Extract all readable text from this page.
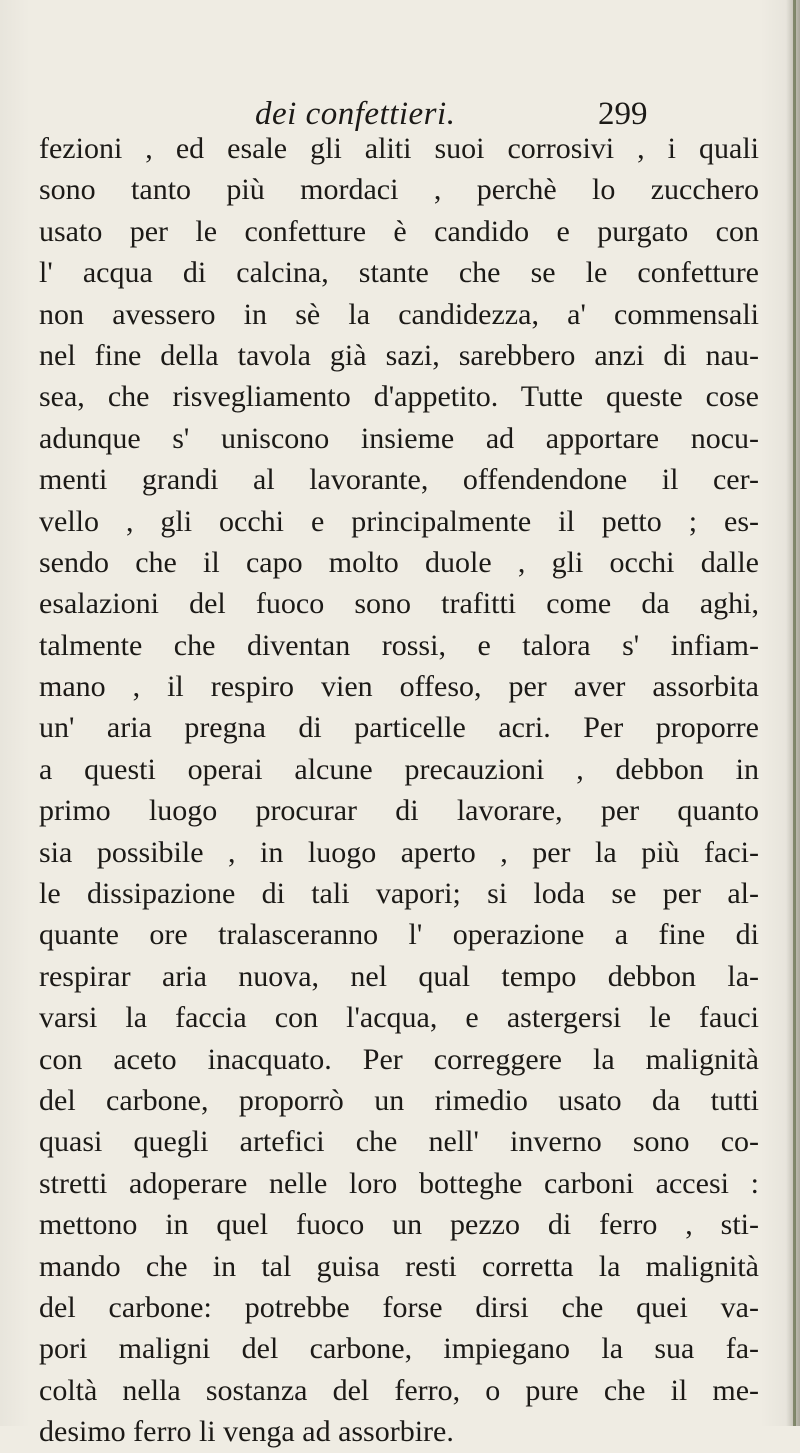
dei confettieri.	299
fezioni , ed esale gli aliti suoi corrosivi , i quali
sono tanto più mordaci , perchè lo zucchero
usato per le confetture è candido e purgato con
l' acqua di calcina, stante che se le confetture
non avessero in sè la candidezza, a' commensali
nel fine della tavola già sazi, sarebbero anzi di nau-
sea, che risvegliamento d'appetito. Tutte queste cose
adunque s' uniscono insieme ad apportare nocu-
menti grandi al lavorante, offendendone il cer-
vello , gli occhi e principalmente il petto ; es-
sendo che il capo molto duole , gli occhi dalle
esalazioni del fuoco sono trafitti come da aghi,
talmente che diventan rossi, e talora s' infiam-
mano , il respiro vien offeso, per aver assorbita
un' aria pregna di particelle acri. Per proporre
a questi operai alcune precauzioni , debbon in
primo luogo procurar di lavorare, per quanto
sia possibile , in luogo aperto , per la più faci-
le dissipazione di tali vapori; si loda se per al-
quante ore tralasceranno l' operazione a fine di
respirar aria nuova, nel qual tempo debbon la-
varsi la faccia con l'acqua, e astergersi le fauci
con aceto inacquato. Per correggere la malignità
del carbone, proporrò un rimedio usato da tutti
quasi quegli artefici che nell' inverno sono co-
stretti adoperare nelle loro botteghe carboni accesi :
mettono in quel fuoco un pezzo di ferro , sti-
mando che in tal guisa resti corretta la malignità
del carbone: potrebbe forse dirsi che quei va-
pori maligni del carbone, impiegano la sua fa-
coltà nella sostanza del ferro, o pure che il me-
desimo ferro li venga ad assorbire.
